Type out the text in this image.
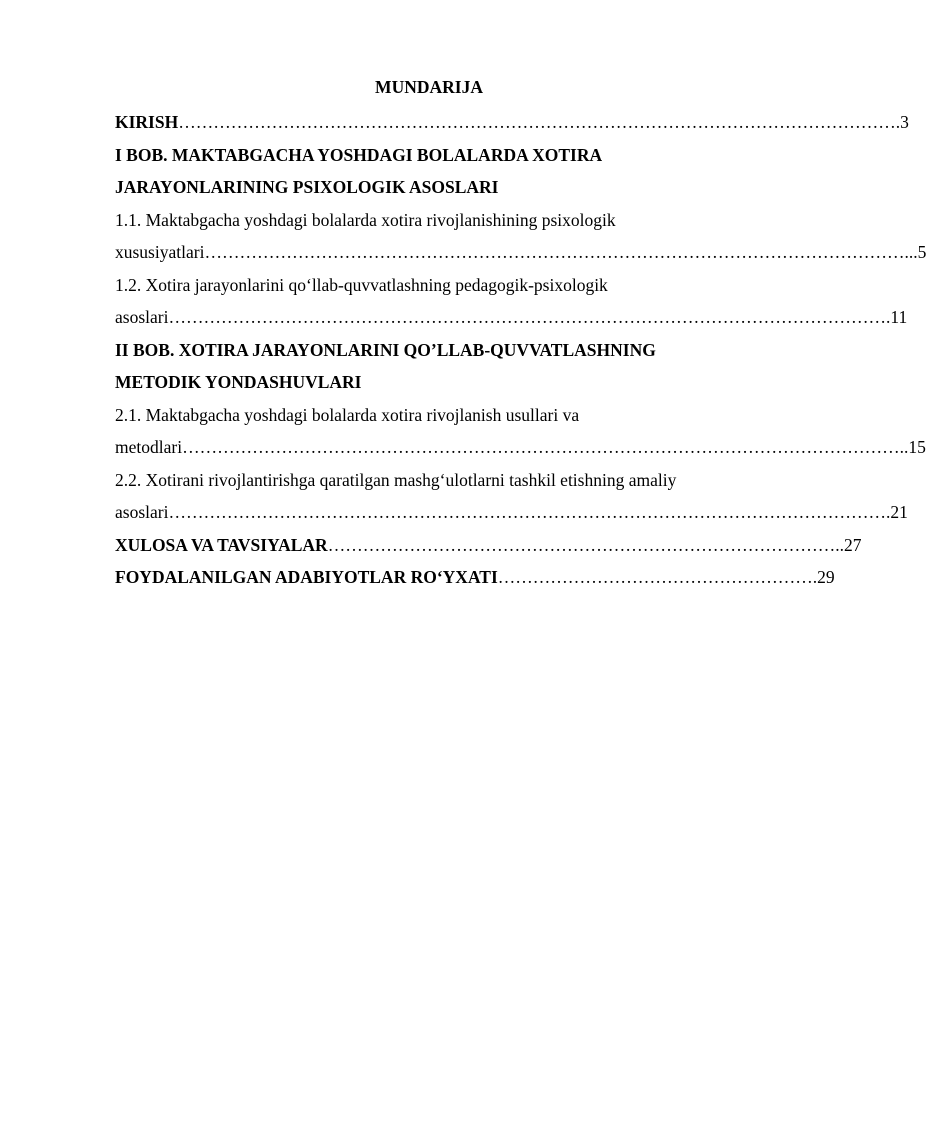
MUNDARIJA
KIRISH …………………………………………………………………………………………………………… .3
I BOB. MAKTABGACHA YOSHDAGI BOLALARDA XOTIRA
JARAYONLARINING PSIXOLOGIK ASOSLARI
1.1. Maktabgacha yoshdagi bolalarda xotira rivojlanishining psixologik
xususiyatlari ………………………………………………………………………………………………………… ...5
1.2. Xotira jarayonlarini qo‘llab-quvvatlashning pedagogik-psixologik
asoslari …………………………………………………………………………………………………………… .11
II BOB. XOTIRA JARAYONLARINI QO’LLAB-QUVVATLASHNING
METODIK YONDASHUVLARI
2.1. Maktabgacha yoshdagi bolalarda xotira rivojlanish usullari va
metodlari …………………………………………………………………………………………………………… ..15
2.2. Xotirani rivojlantirishga qaratilgan mashg‘ulotlarni tashkil etishning amaliy
asoslari …………………………………………………………………………………………………………… .21
XULOSA VA TAVSIYALAR …………………………………………………………………………… ..27
FOYDALANILGAN ADABIYOTLAR RO‘YXATI ……………………………………………… .29
